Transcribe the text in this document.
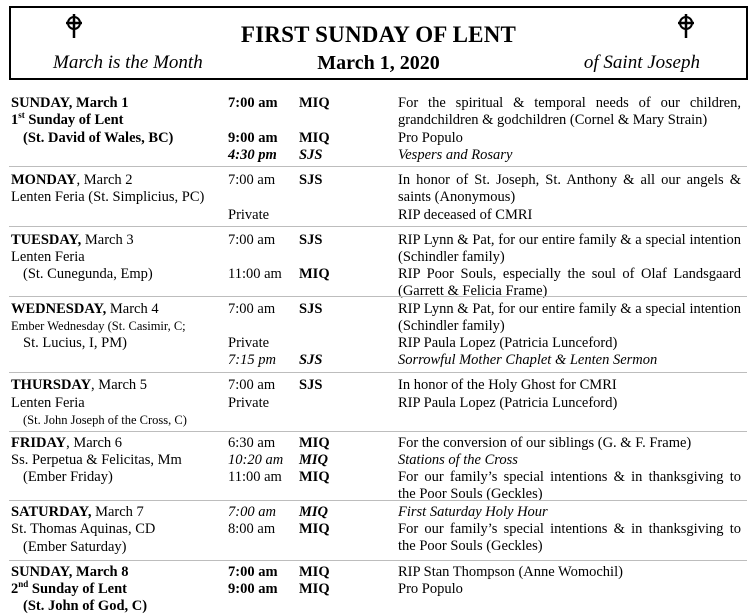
FIRST SUNDAY OF LENT
March is the Month	March 1, 2020	of Saint Joseph
SUNDAY, March 1
1st Sunday of Lent
(St. David of Wales, BC)
7:00 am MIQ	For the spiritual & temporal needs of our children, grandchildren & godchildren (Cornel & Mary Strain)
9:00 am MIQ	Pro Populo
4:30 pm SJS	Vespers and Rosary
MONDAY, March 2
Lenten Feria (St. Simplicius, PC)
7:00 am SJS	In honor of St. Joseph, St. Anthony & all our angels & saints (Anonymous)
Private	RIP deceased of CMRI
TUESDAY, March 3
Lenten Feria
(St. Cunegunda, Emp)
7:00 am SJS	RIP Lynn & Pat, for our entire family & a special intention (Schindler family)
11:00 am MIQ	RIP Poor Souls, especially the soul of Olaf Landsgaard (Garrett & Felicia Frame)
WEDNESDAY, March 4
Ember Wednesday (St. Casimir, C;
St. Lucius, I, PM)
7:00 am SJS	RIP Lynn & Pat, for our entire family & a special intention (Schindler family)
Private	RIP Paula Lopez (Patricia Lunceford)
7:15 pm SJS	Sorrowful Mother Chaplet & Lenten Sermon
THURSDAY, March 5
Lenten Feria
(St. John Joseph of the Cross, C)
7:00 am SJS	In honor of the Holy Ghost for CMRI
Private	RIP Paula Lopez (Patricia Lunceford)
FRIDAY, March 6
Ss. Perpetua & Felicitas, Mm
(Ember Friday)
6:30 am MIQ	For the conversion of our siblings (G. & F. Frame)
10:20 am MIQ	Stations of the Cross
11:00 am MIQ	For our family’s special intentions & in thanksgiving to the Poor Souls (Geckles)
SATURDAY, March 7
St. Thomas Aquinas, CD
(Ember Saturday)
7:00 am MIQ	First Saturday Holy Hour
8:00 am MIQ	For our family’s special intentions & in thanksgiving to the Poor Souls (Geckles)
SUNDAY, March 8
2nd Sunday of Lent
(St. John of God, C)
7:00 am MIQ	RIP Stan Thompson (Anne Womochil)
9:00 am MIQ	Pro Populo
